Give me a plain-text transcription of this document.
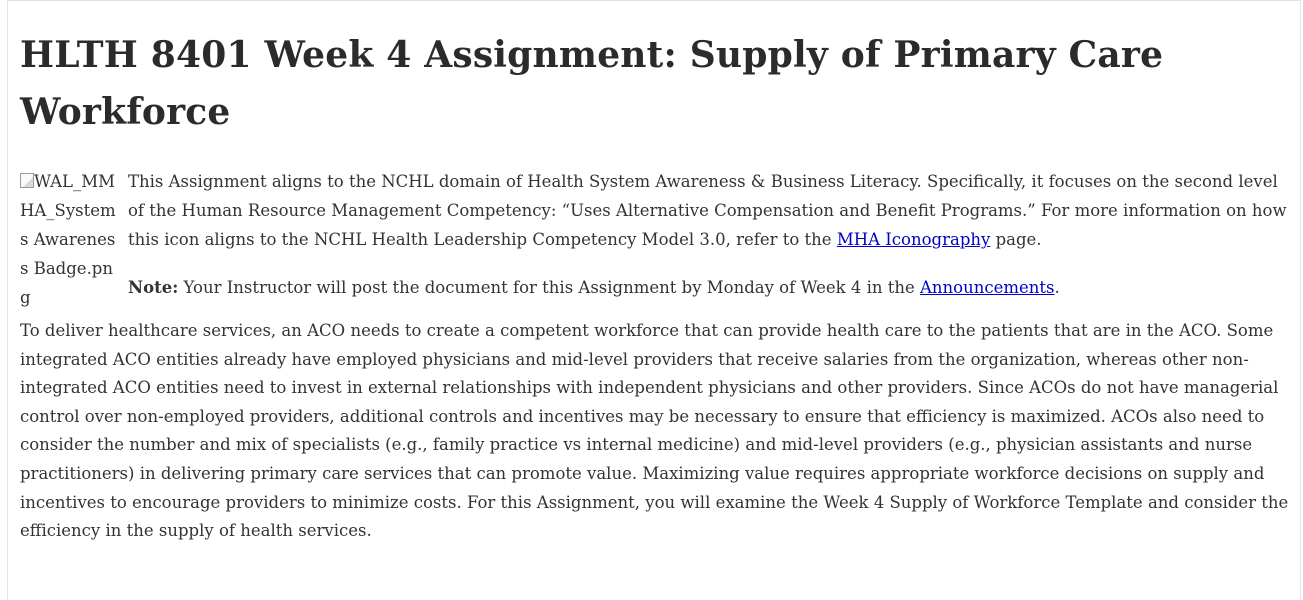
HLTH 8401 Week 4 Assignment: Supply of Primary Care Workforce
WAL_MMHA_Systems Awareness Badge.png

This Assignment aligns to the NCHL domain of Health System Awareness & Business Literacy. Specifically, it focuses on the second level of the Human Resource Management Competency: “Uses Alternative Compensation and Benefit Programs.” For more information on how this icon aligns to the NCHL Health Leadership Competency Model 3.0, refer to the MHA Iconography page.

Note: Your Instructor will post the document for this Assignment by Monday of Week 4 in the Announcements.

To deliver healthcare services, an ACO needs to create a competent workforce that can provide health care to the patients that are in the ACO. Some integrated ACO entities already have employed physicians and mid-level providers that receive salaries from the organization, whereas other non-integrated ACO entities need to invest in external relationships with independent physicians and other providers. Since ACOs do not have managerial control over non-employed providers, additional controls and incentives may be necessary to ensure that efficiency is maximized. ACOs also need to consider the number and mix of specialists (e.g., family practice vs internal medicine) and mid-level providers (e.g., physician assistants and nurse practitioners) in delivering primary care services that can promote value. Maximizing value requires appropriate workforce decisions on supply and incentives to encourage providers to minimize costs. For this Assignment, you will examine the Week 4 Supply of Workforce Template and consider the efficiency in the supply of health services.
